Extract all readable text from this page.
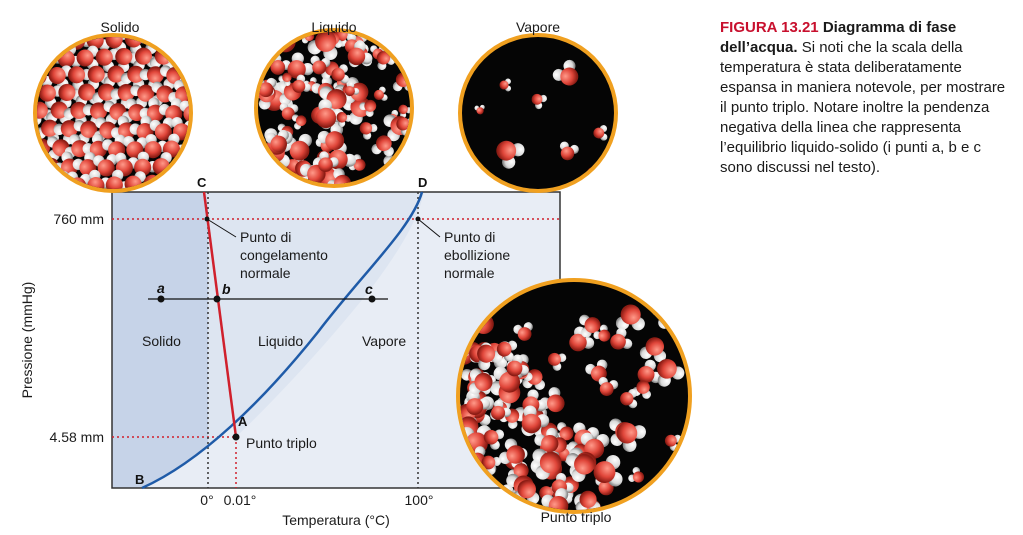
a	b	c
A
B
C	D
Solido	Liquido	Vapore
Punto di
congelamento
normale
Punto di
ebollizione
normale
Punto triplo
760 mm
4.58 mm
0° 0.01°	100°
Temperatura (°C)
Pressione (mmHg)
Solido	Liquido	Vapore
Punto triplo
FIGURA 13.21 Diagramma di fase dell’acqua. Si noti che la scala della temperatura è stata deliberatamente espansa in maniera notevole, per mostrare il punto triplo. Notare inoltre la pendenza negativa della linea che rappresenta l’equilibrio liquido-solido (i punti a, b e c sono discussi nel testo).
